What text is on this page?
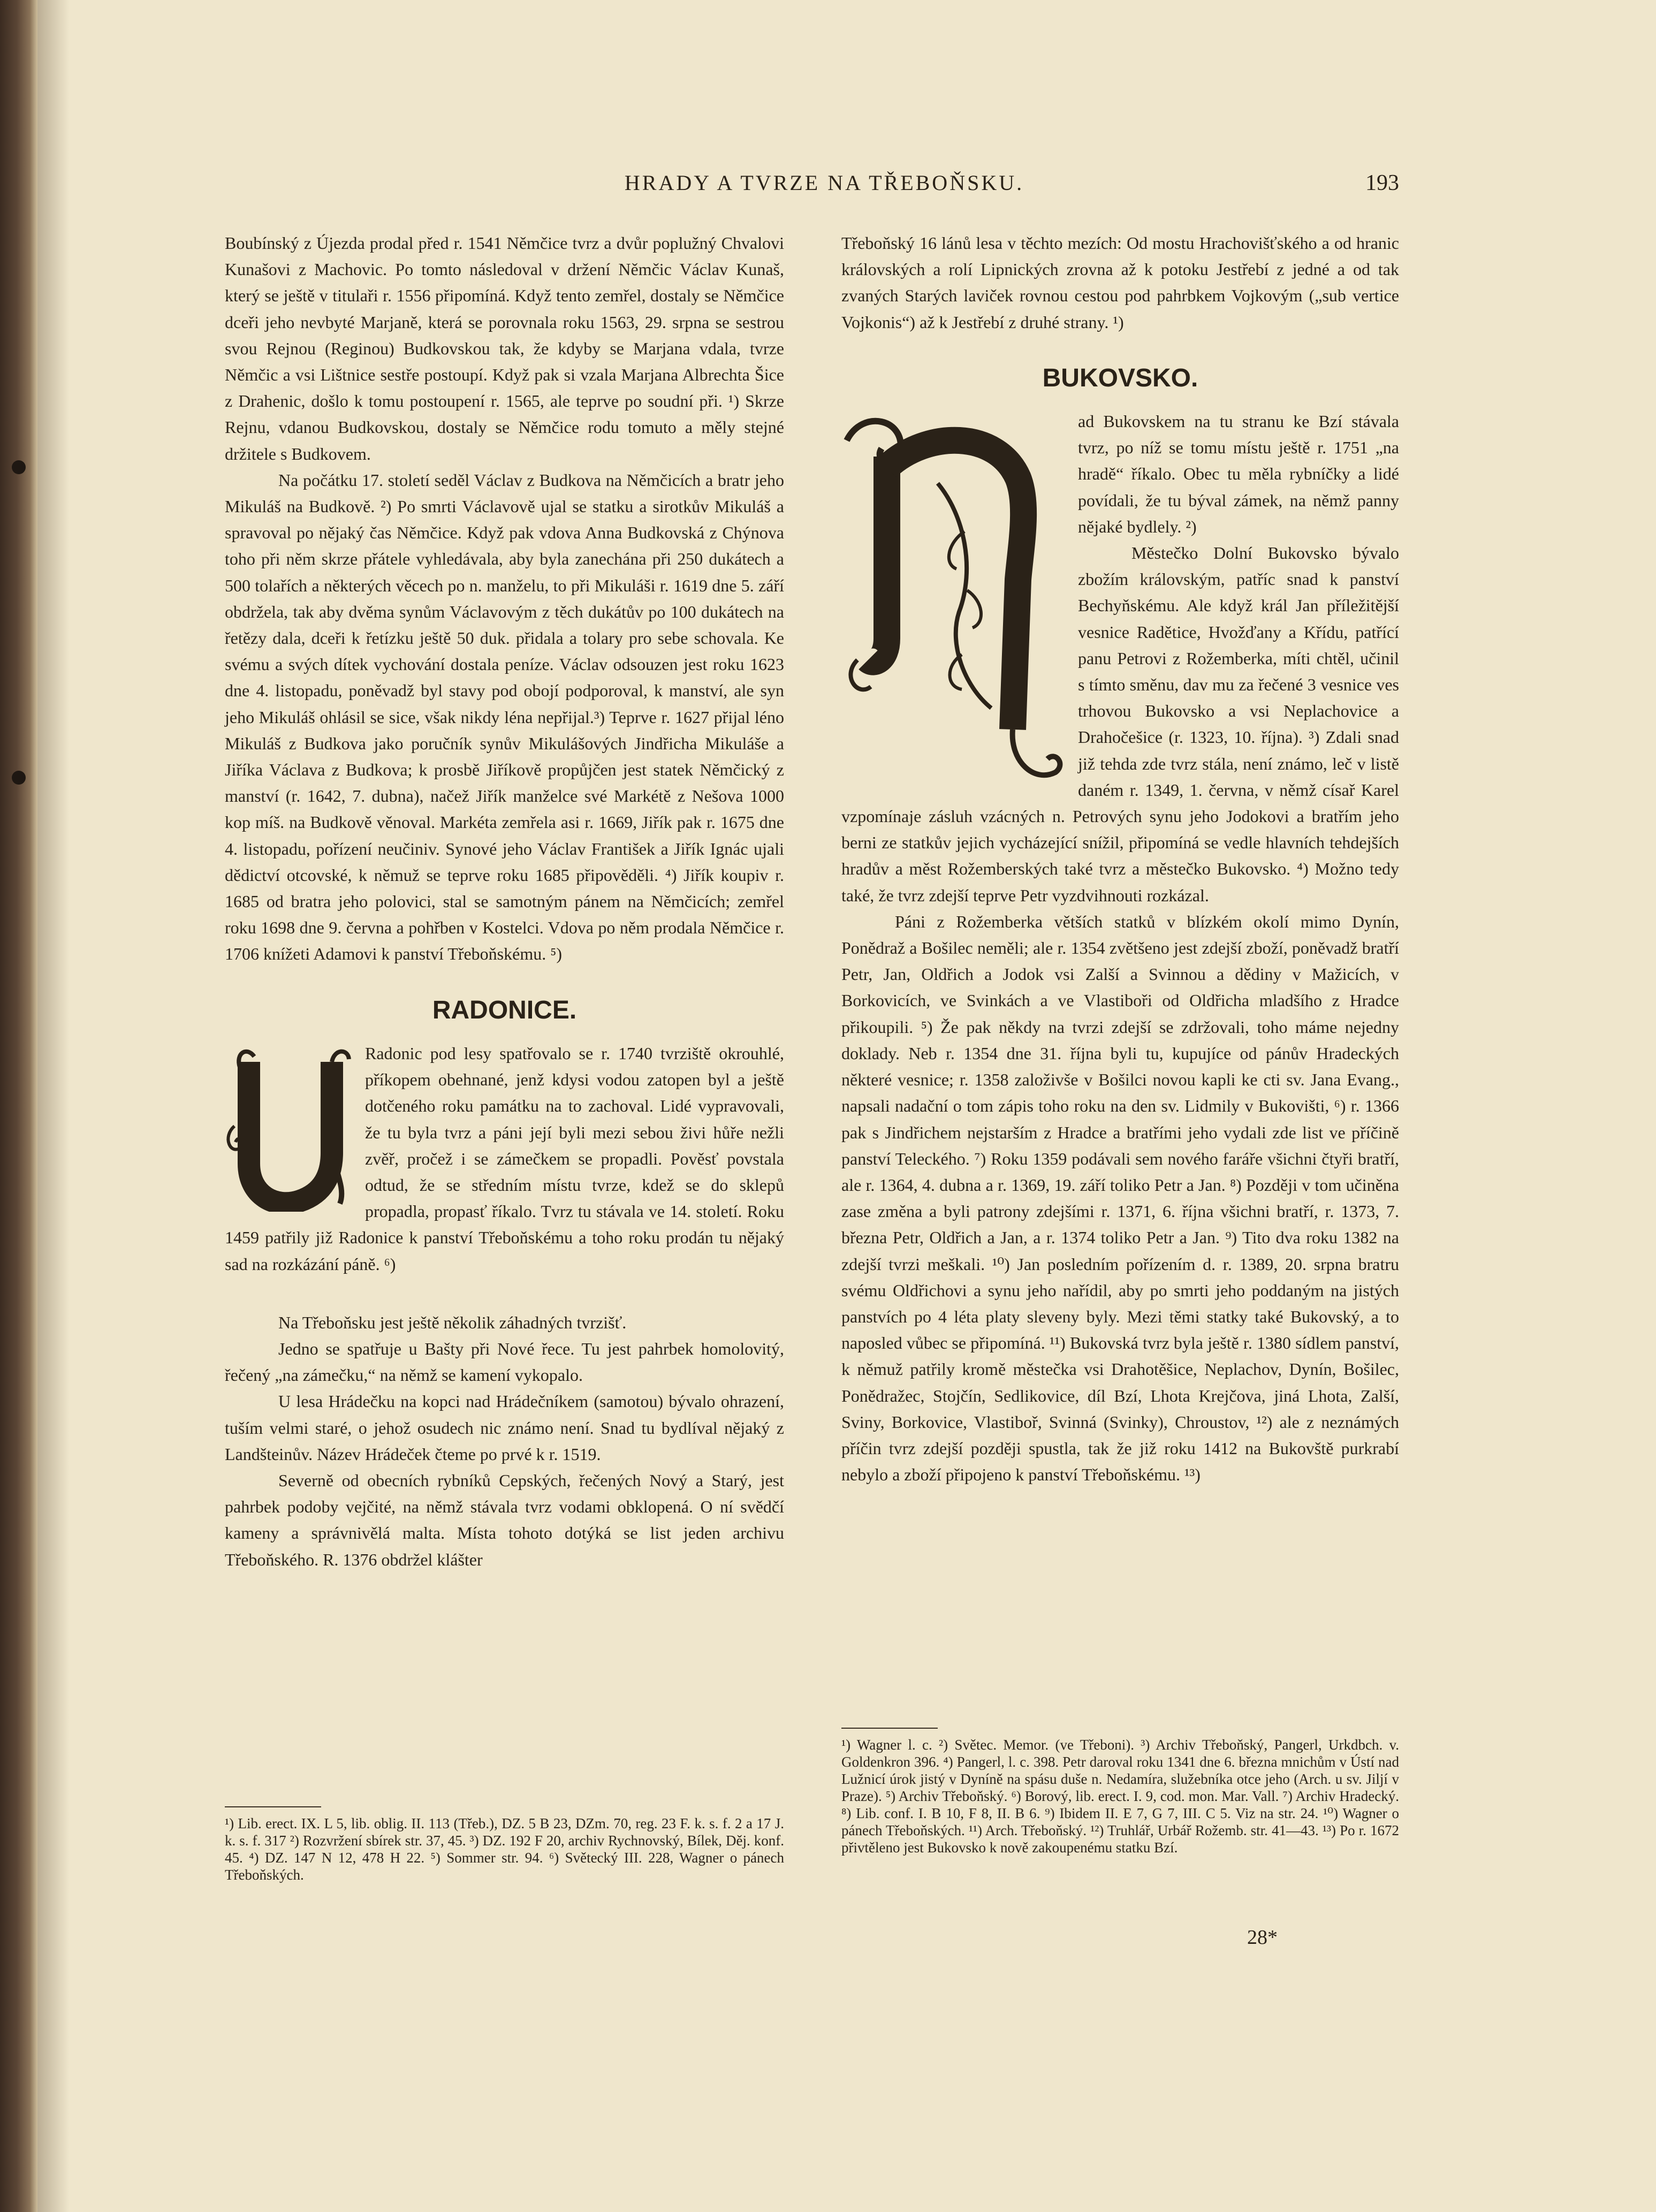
HRADY A TVRZE NA TŘEBOŇSKU.	193

Boubínský z Újezda prodal před r. 1541 Němčice tvrz a dvůr poplužný Chvalovi Kunašovi z Machovic. Po tomto následoval v držení Němčic Václav Kunaš, který se ještě v titulaři r. 1556 připomíná. Když tento zemřel, dostaly se Němčice dceři jeho nevbyté Marjaně, která se porovnala roku 1563, 29. srpna se sestrou svou Rejnou (Reginou) Budkovskou tak, že kdyby se Marjana vdala, tvrze Němčic a vsi Lištnice sestře postoupí. Když pak si vzala Marjana Albrechta Šice z Drahenic, došlo k tomu postoupení r. 1565, ale teprve po soudní při. ¹) Skrze Rejnu, vdanou Budkovskou, dostaly se Němčice rodu tomuto a měly stejné držitele s Budkovem.

Na počátku 17. století seděl Václav z Budkova na Němčicích a bratr jeho Mikuláš na Budkově. ²) Po smrti Václavově ujal se statku a sirotkův Mikuláš a spravoval po nějaký čas Němčice. Když pak vdova Anna Budkovská z Chýnova toho při něm skrze přátele vyhledávala, aby byla zanechána při 250 dukátech a 500 tolařích a některých věcech po n. manželu, to při Mikuláši r. 1619 dne 5. září obdržela, tak aby dvěma synům Václavovým z těch dukátův po 100 dukátech na řetězy dala, dceři k řetízku ještě 50 duk. přidala a tolary pro sebe schovala. Ke svému a svých dítek vychování dostala peníze. Václav odsouzen jest roku 1623 dne 4. listopadu, poněvadž byl stavy pod obojí podporoval, k manství, ale syn jeho Mikuláš ohlásil se sice, však nikdy léna nepřijal.³) Teprve r. 1627 přijal léno Mikuláš z Budkova jako poručník synův Mikulášových Jindřicha Mikuláše a Jiříka Václava z Budkova; k prosbě Jiříkově propůjčen jest statek Němčický z manství (r. 1642, 7. dubna), načež Jiřík manželce své Markétě z Nešova 1000 kop míš. na Budkově věnoval. Markéta zemřela asi r. 1669, Jiřík pak r. 1675 dne 4. listopadu, pořízení neučiniv. Synové jeho Václav František a Jiřík Ignác ujali dědictví otcovské, k němuž se teprve roku 1685 připověděli. ⁴) Jiřík koupiv r. 1685 od bratra jeho polovici, stal se samotným pánem na Němčicích; zemřel roku 1698 dne 9. června a pohřben v Kostelci. Vdova po něm prodala Němčice r. 1706 knížeti Adamovi k panství Třeboňskému. ⁵)

RADONICE.

Radonic pod lesy spatřovalo se r. 1740 tvrziště okrouhlé, příkopem obehnané, jenž kdysi vodou zatopen byl a ještě dotčeného roku památku na to zachoval. Lidé vypravovali, že tu byla tvrz a páni její byli mezi sebou živi hůře nežli zvěř, pročež i se zámečkem se propadli. Pověsť povstala odtud, že se středním místu tvrze, kdež se do sklepů propadla, propasť říkalo. Tvrz tu stávala ve 14. století. Roku 1459 patřily již Radonice k panství Třeboňskému a toho roku prodán tu nějaký sad na rozkázání páně. ⁶)

Na Třeboňsku jest ještě několik záhadných tvrzišť.

Jedno se spatřuje u Bašty při Nové řece. Tu jest pahrbek homolovitý, řečený „na zámečku,“ na němž se kamení vykopalo.

U lesa Hrádečku na kopci nad Hrádečníkem (samotou) bývalo ohrazení, tuším velmi staré, o jehož osudech nic známo není. Snad tu bydlíval nějaký z Landšteinův. Název Hrádeček čteme po prvé k r. 1519.

Severně od obecních rybníků Cepských, řečených Nový a Starý, jest pahrbek podoby vejčité, na němž stávala tvrz vodami obklopená. O ní svědčí kameny a správnivělá malta. Místa tohoto dotýká se list jeden archivu Třeboňského. R. 1376 obdržel klášter

¹) Lib. erect. IX. L 5, lib. oblig. II. 113 (Třeb.), DZ. 5 B 23, DZm. 70, reg. 23 F. k. s. f. 2 a 17 J. k. s. f. 317 ²) Rozvržení sbírek str. 37, 45. ³) DZ. 192 F 20, archiv Rychnovský, Bílek, Děj. konf. 45. ⁴) DZ. 147 N 12, 478 H 22. ⁵) Sommer str. 94. ⁶) Světecký III. 228, Wagner o pánech Třeboňských.

Třeboňský 16 lánů lesa v těchto mezích: Od mostu Hrachovišťského a od hranic královských a rolí Lipnických zrovna až k potoku Jestřebí z jedné a od tak zvaných Starých laviček rovnou cestou pod pahrbkem Vojkovým („sub vertice Vojkonis“) až k Jestřebí z druhé strany. ¹)

BUKOVSKO.

ad Bukovskem na tu stranu ke Bzí stávala tvrz, po níž se tomu místu ještě r. 1751 „na hradě“ říkalo. Obec tu měla rybníčky a lidé povídali, že tu býval zámek, na němž panny nějaké bydlely. ²)

Městečko Dolní Bukovsko bývalo zbožím královským, patříc snad k panství Bechyňskému. Ale když král Jan příležitější vesnice Radětice, Hvožďany a Křídu, patřící panu Petrovi z Rožemberka, míti chtěl, učinil s tímto směnu, dav mu za řečené 3 vesnice ves trhovou Bukovsko a vsi Neplachovice a Drahočešice (r. 1323, 10. října). ³) Zdali snad již tehda zde tvrz stála, není známo, leč v listě daném r. 1349, 1. června, v němž císař Karel vzpomínaje zásluh vzácných n. Petrových synu jeho Jodokovi a bratřím jeho berni ze statkův jejich vycházející snížil, připomíná se vedle hlavních tehdejších hradův a měst Rožemberských také tvrz a městečko Bukovsko. ⁴) Možno tedy také, že tvrz zdejší teprve Petr vyzdvihnouti rozkázal.

Páni z Rožemberka větších statků v blízkém okolí mimo Dynín, Ponědraž a Bošilec neměli; ale r. 1354 zvětšeno jest zdejší zboží, poněvadž bratří Petr, Jan, Oldřich a Jodok vsi Zalší a Svinnou a dědiny v Mažicích, v Borkovicích, ve Svinkách a ve Vlastiboři od Oldřicha mladšího z Hradce přikoupili. ⁵) Že pak někdy na tvrzi zdejší se zdržovali, toho máme nejedny doklady. Neb r. 1354 dne 31. října byli tu, kupujíce od pánův Hradeckých některé vesnice; r. 1358 založivše v Bošilci novou kapli ke cti sv. Jana Evang., napsali nadační o tom zápis toho roku na den sv. Lidmily v Bukovišti, ⁶) r. 1366 pak s Jindřichem nejstarším z Hradce a bratřími jeho vydali zde list ve příčině panství Teleckého. ⁷) Roku 1359 podávali sem nového faráře všichni čtyři bratří, ale r. 1364, 4. dubna a r. 1369, 19. září toliko Petr a Jan. ⁸) Později v tom učiněna zase změna a byli patrony zdejšími r. 1371, 6. října všichni bratří, r. 1373, 7. března Petr, Oldřich a Jan, a r. 1374 toliko Petr a Jan. ⁹) Tito dva roku 1382 na zdejší tvrzi meškali. ¹⁰) Jan posledním pořízením d. r. 1389, 20. srpna bratru svému Oldřichovi a synu jeho nařídil, aby po smrti jeho poddaným na jistých panstvích po 4 léta platy sleveny byly. Mezi těmi statky také Bukovský, a to naposled vůbec se připomíná. ¹¹) Bukovská tvrz byla ještě r. 1380 sídlem panství, k němuž patřily kromě městečka vsi Drahotěšice, Neplachov, Dynín, Bošilec, Ponědražec, Stojčín, Sedlikovice, díl Bzí, Lhota Krejčova, jiná Lhota, Zalší, Sviny, Borkovice, Vlastiboř, Svinná (Svinky), Chroustov, ¹²) ale z neznámých příčin tvrz zdejší později spustla, tak že již roku 1412 na Bukovště purkrabí nebylo a zboží připojeno k panství Třeboňskému. ¹³)

¹) Wagner l. c. ²) Světec. Memor. (ve Třeboni). ³) Archiv Třeboňský, Pangerl, Urkdbch. v. Goldenkron 396. ⁴) Pangerl, l. c. 398. Petr daroval roku 1341 dne 6. března mnichům v Ústí nad Lužnicí úrok jistý v Dyníně na spásu duše n. Nedamíra, služebníka otce jeho (Arch. u sv. Jiljí v Praze). ⁵) Archiv Třeboňský. ⁶) Borový, lib. erect. I. 9, cod. mon. Mar. Vall. ⁷) Archiv Hradecký. ⁸) Lib. conf. I. B 10, F 8, II. B 6. ⁹) Ibidem II. E 7, G 7, III. C 5. Viz na str. 24. ¹⁰) Wagner o pánech Třeboňských. ¹¹) Arch. Třeboňský. ¹²) Truhlář, Urbář Rožemb. str. 41—43. ¹³) Po r. 1672 přivtěleno jest Bukovsko k nově zakoupenému statku Bzí.

28*
